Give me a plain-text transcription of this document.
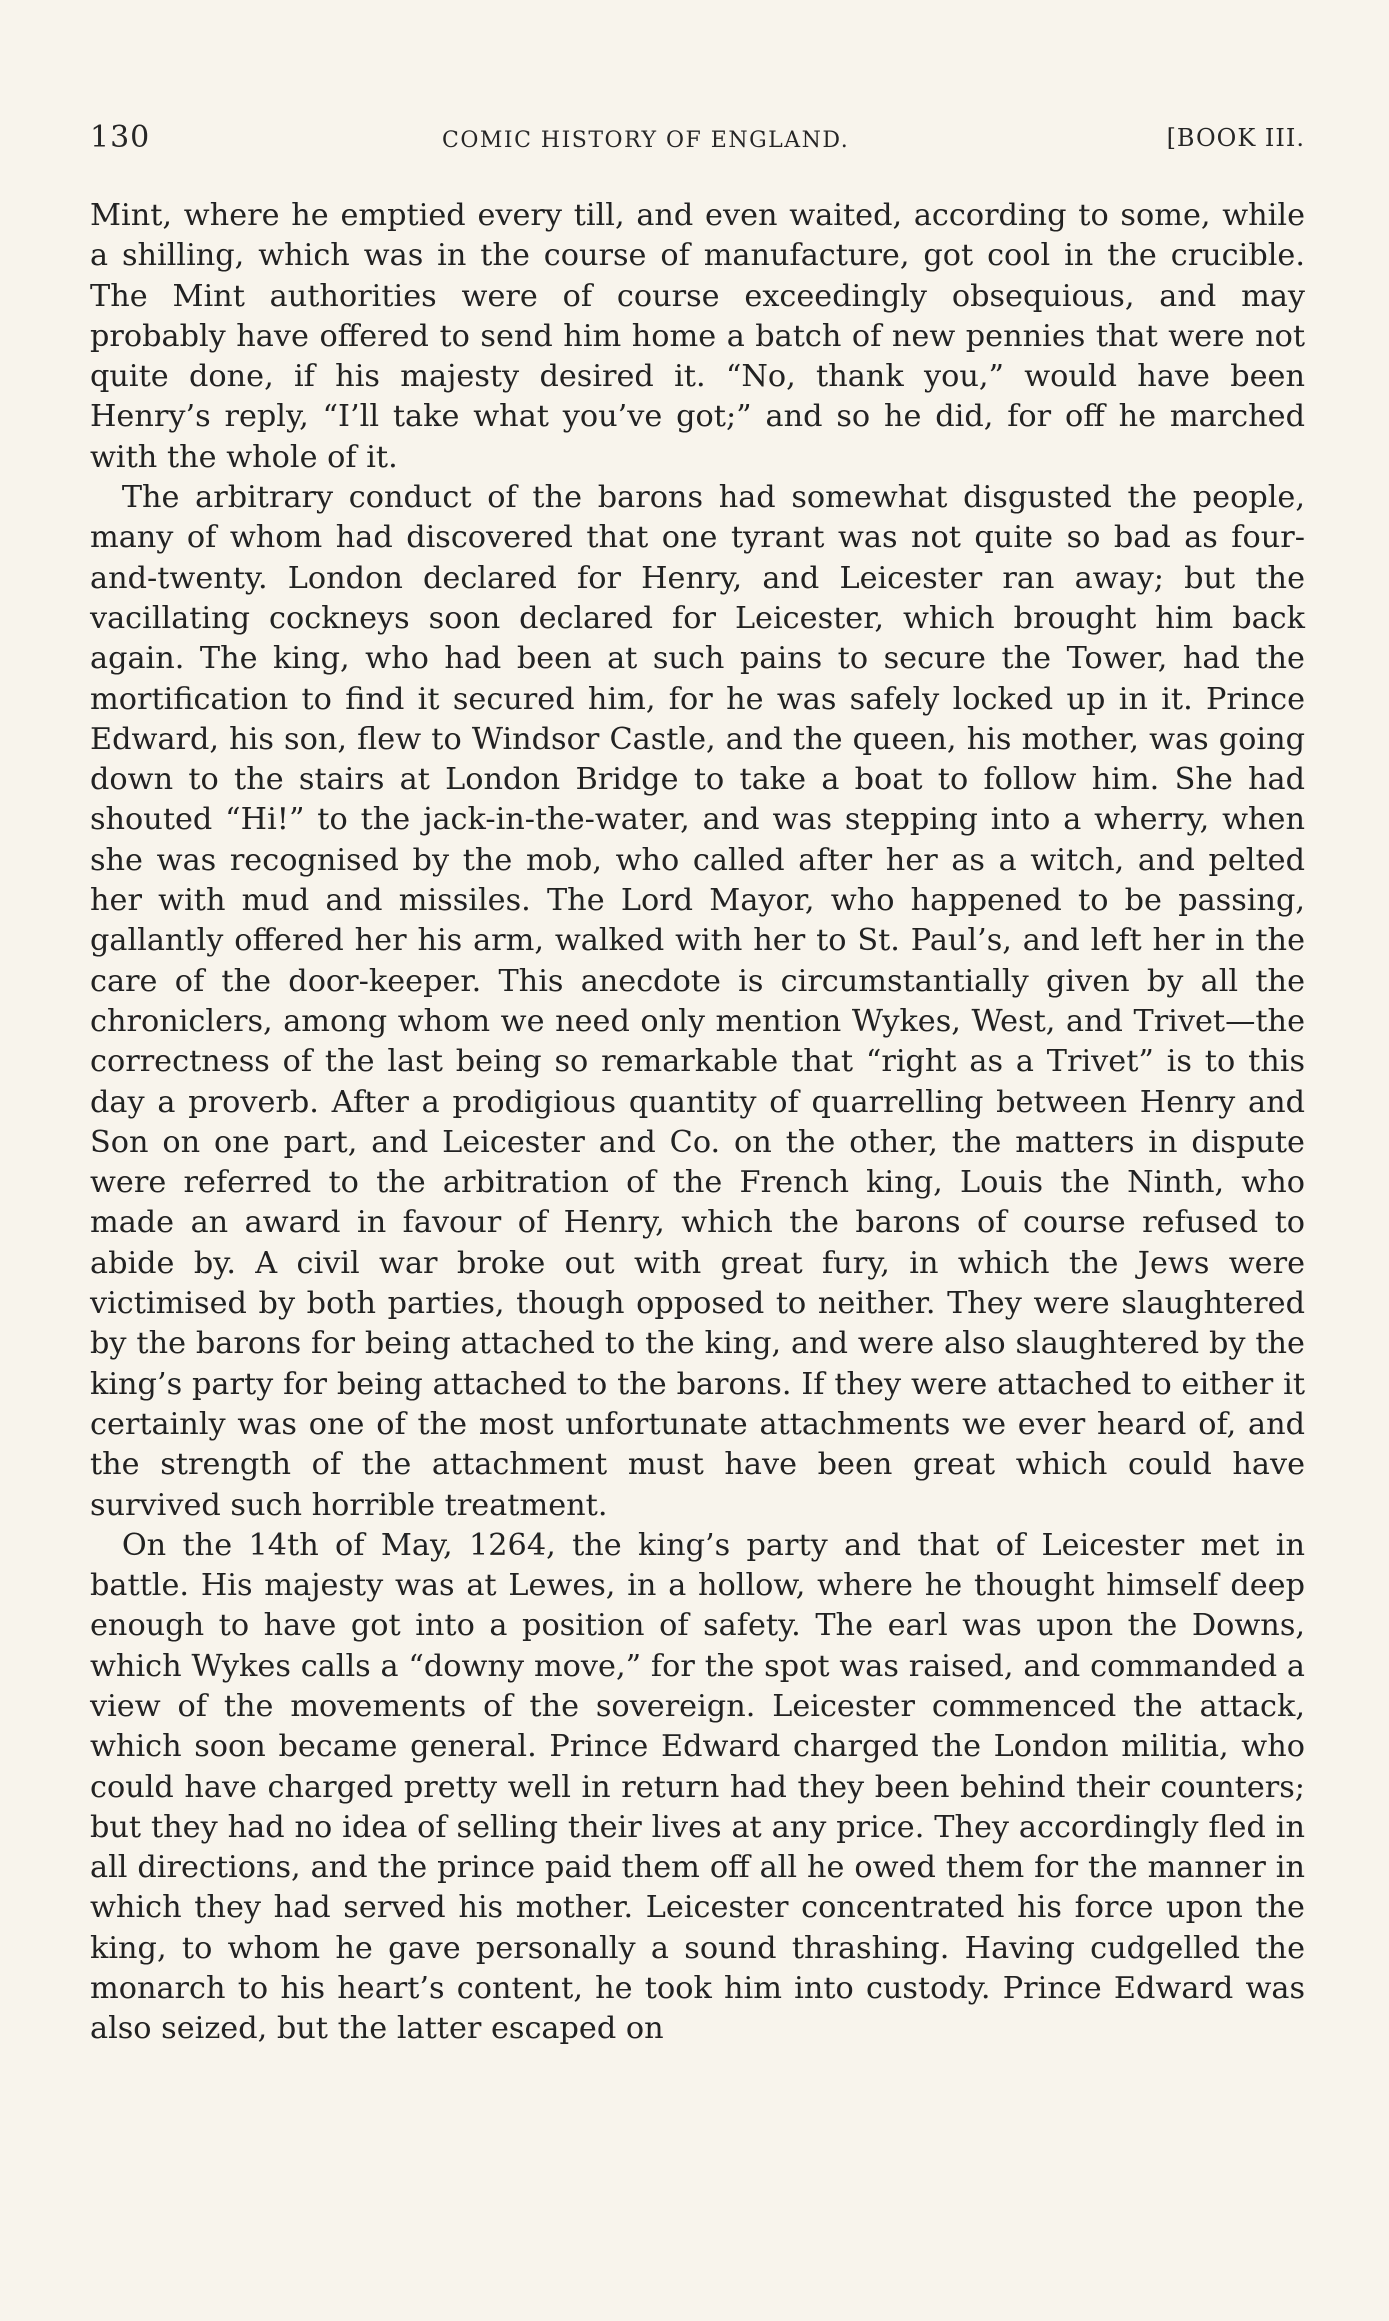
130	COMIC HISTORY OF ENGLAND.	[BOOK III.

Mint, where he emptied every till, and even waited, according to some, while a shilling, which was in the course of manufacture, got cool in the crucible. The Mint authorities were of course exceedingly obsequious, and may probably have offered to send him home a batch of new pennies that were not quite done, if his majesty desired it. “No, thank you,” would have been Henry’s reply, “I’ll take what you’ve got;” and so he did, for off he marched with the whole of it.

The arbitrary conduct of the barons had somewhat disgusted the people, many of whom had discovered that one tyrant was not quite so bad as four-and-twenty. London declared for Henry, and Leicester ran away; but the vacillating cockneys soon declared for Leicester, which brought him back again. The king, who had been at such pains to secure the Tower, had the mortification to find it secured him, for he was safely locked up in it. Prince Edward, his son, flew to Windsor Castle, and the queen, his mother, was going down to the stairs at London Bridge to take a boat to follow him. She had shouted “Hi!” to the jack-in-the-water, and was stepping into a wherry, when she was recognised by the mob, who called after her as a witch, and pelted her with mud and missiles. The Lord Mayor, who happened to be passing, gallantly offered her his arm, walked with her to St. Paul’s, and left her in the care of the door-keeper. This anecdote is circumstantially given by all the chroniclers, among whom we need only mention Wykes, West, and Trivet—the correctness of the last being so remarkable that “right as a Trivet” is to this day a proverb. After a prodigious quantity of quarrelling between Henry and Son on one part, and Leicester and Co. on the other, the matters in dispute were referred to the arbitration of the French king, Louis the Ninth, who made an award in favour of Henry, which the barons of course refused to abide by. A civil war broke out with great fury, in which the Jews were victimised by both parties, though opposed to neither. They were slaughtered by the barons for being attached to the king, and were also slaughtered by the king’s party for being attached to the barons. If they were attached to either it certainly was one of the most unfortunate attachments we ever heard of, and the strength of the attachment must have been great which could have survived such horrible treatment.

On the 14th of May, 1264, the king’s party and that of Leicester met in battle. His majesty was at Lewes, in a hollow, where he thought himself deep enough to have got into a position of safety. The earl was upon the Downs, which Wykes calls a “downy move,” for the spot was raised, and commanded a view of the movements of the sovereign. Leicester commenced the attack, which soon became general. Prince Edward charged the London militia, who could have charged pretty well in return had they been behind their counters; but they had no idea of selling their lives at any price. They accordingly fled in all directions, and the prince paid them off all he owed them for the manner in which they had served his mother. Leicester concentrated his force upon the king, to whom he gave personally a sound thrashing. Having cudgelled the monarch to his heart’s content, he took him into custody. Prince Edward was also seized, but the latter escaped on
